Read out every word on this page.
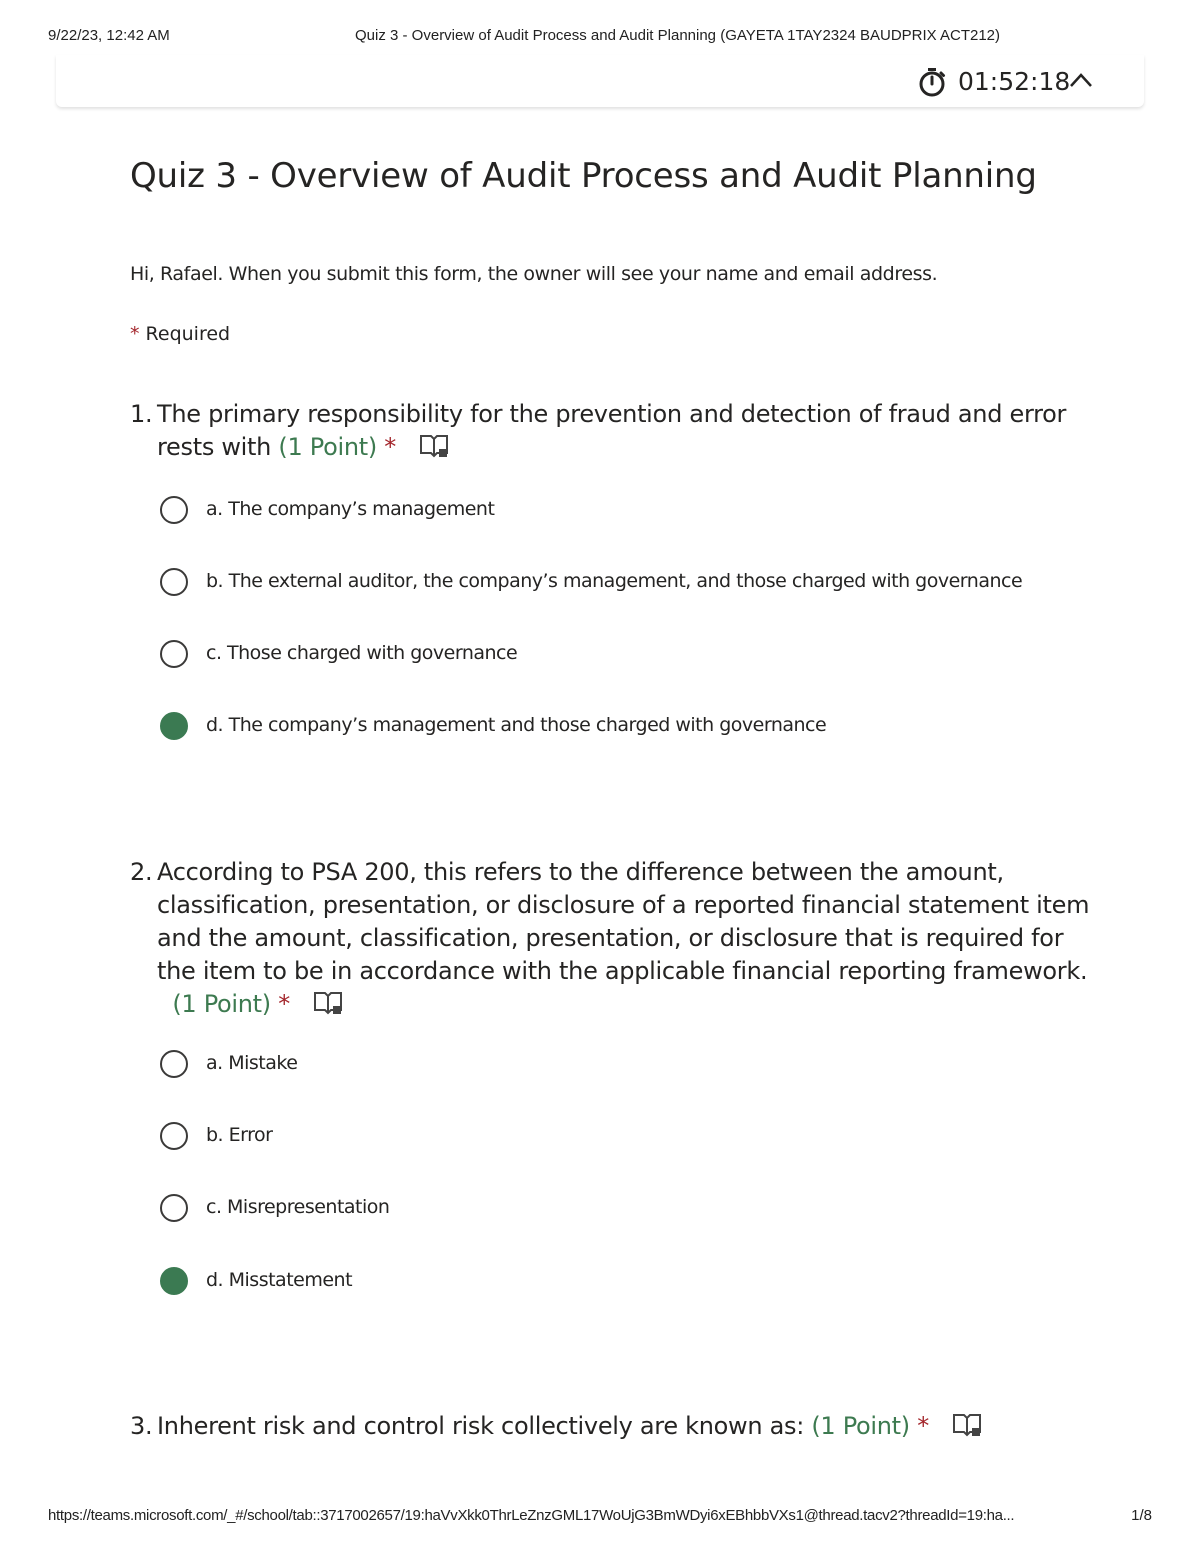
9/22/23, 12:42 AM	Quiz 3 - Overview of Audit Process and Audit Planning (GAYETA 1TAY2324 BAUDPRIX ACT212)
01:52:18
Quiz 3 - Overview of Audit Process and Audit Planning
Hi, Rafael. When you submit this form, the owner will see your name and email address.
* Required
1. The primary responsibility for the prevention and detection of fraud and error rests with (1 Point) *
a. The company’s management
b. The external auditor, the company’s management, and those charged with governance
c. Those charged with governance
d. The company’s management and those charged with governance
2. According to PSA 200, this refers to the difference between the amount, classification, presentation, or disclosure of a reported financial statement item and the amount, classification, presentation, or disclosure that is required for the item to be in accordance with the applicable financial reporting framework.
(1 Point) *
a. Mistake
b. Error
c. Misrepresentation
d. Misstatement
3. Inherent risk and control risk collectively are known as: (1 Point) *
https://teams.microsoft.com/_#/school/tab::3717002657/19:haVvXkk0ThrLeZnzGML17WoUjG3BmWDyi6xEBhbbVXs1@thread.tacv2?threadId=19:ha...	1/8
